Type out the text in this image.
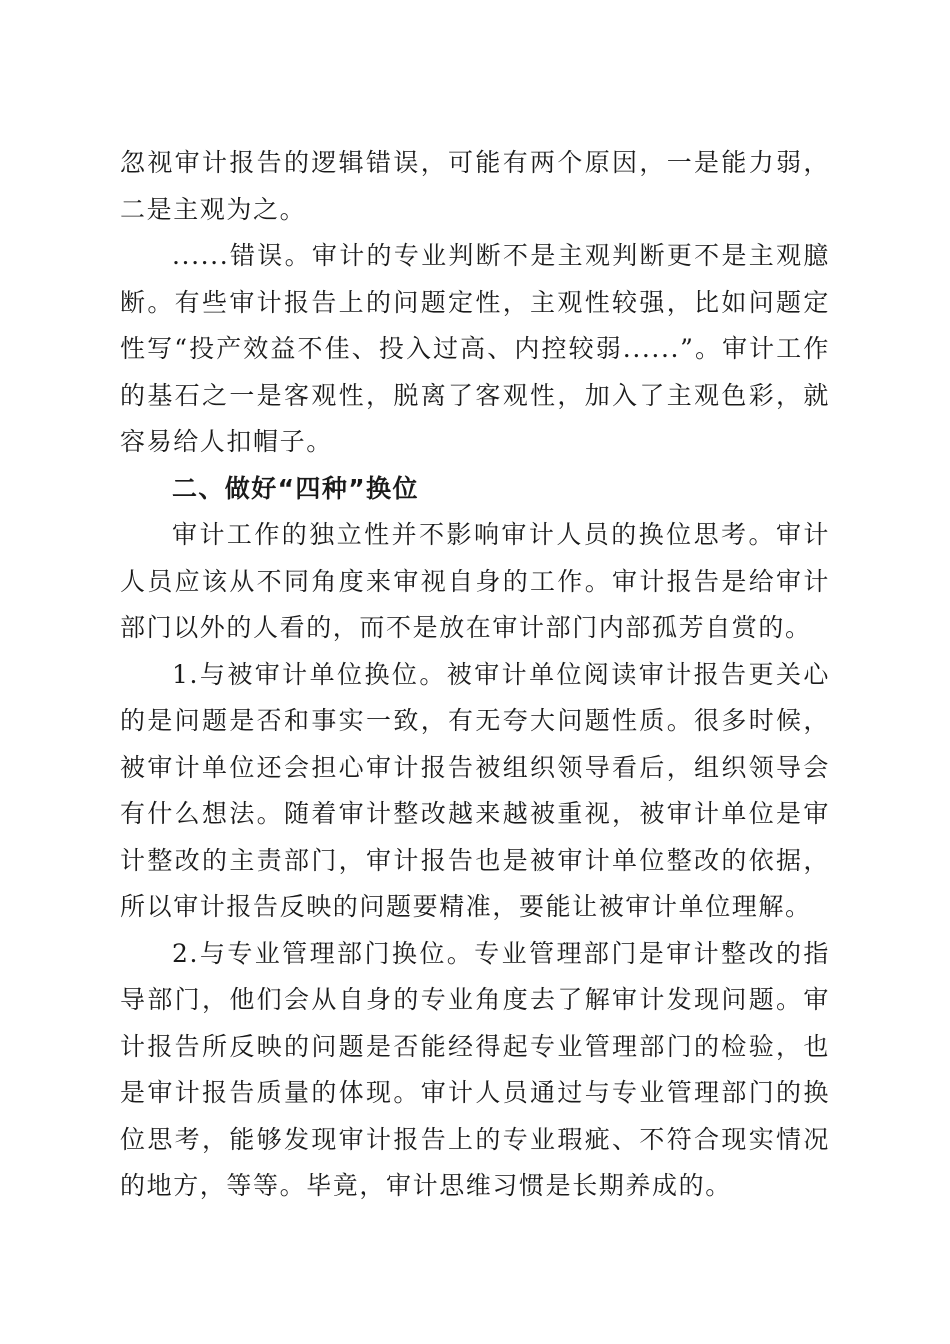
忽视审计报告的逻辑错误，可能有两个原因，一是能力弱，二是主观为之。

......错误。审计的专业判断不是主观判断更不是主观臆断。有些审计报告上的问题定性，主观性较强，比如问题定性写“投产效益不佳、投入过高、内控较弱......”。审计工作的基石之一是客观性，脱离了客观性，加入了主观色彩，就容易给人扣帽子。

二、做好“四种”换位

审计工作的独立性并不影响审计人员的换位思考。审计人员应该从不同角度来审视自身的工作。审计报告是给审计部门以外的人看的，而不是放在审计部门内部孤芳自赏的。

1.与被审计单位换位。被审计单位阅读审计报告更关心的是问题是否和事实一致，有无夸大问题性质。很多时候，被审计单位还会担心审计报告被组织领导看后，组织领导会有什么想法。随着审计整改越来越被重视，被审计单位是审计整改的主责部门，审计报告也是被审计单位整改的依据，所以审计报告反映的问题要精准，要能让被审计单位理解。

2.与专业管理部门换位。专业管理部门是审计整改的指导部门，他们会从自身的专业角度去了解审计发现问题。审计报告所反映的问题是否能经得起专业管理部门的检验，也是审计报告质量的体现。审计人员通过与专业管理部门的换位思考，能够发现审计报告上的专业瑕疵、不符合现实情况的地方，等等。毕竟，审计思维习惯是长期养成的。
